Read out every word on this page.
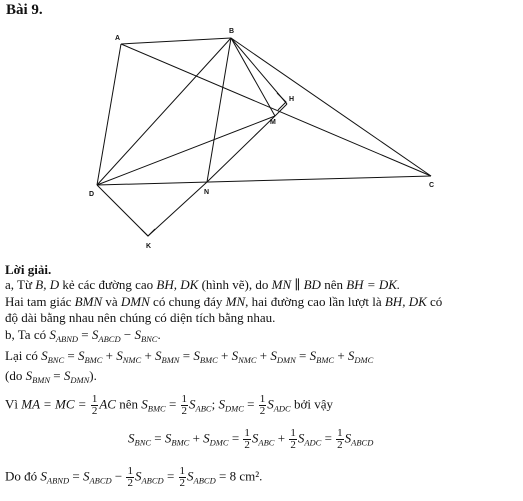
Bài 9.
A
B
H
M
D	N
C
K
Lời giải.
a, Từ B, D kẻ các đường cao BH, DK (hình vẽ), do MN ∥ BD nên BH = DK.
Hai tam giác BMN và DMN có chung đáy MN, hai đường cao lần lượt là BH, DK có
độ dài bằng nhau nên chúng có diện tích bằng nhau.
b, Ta có $S_{ABND} = S_{ABCD} - S_{BNC}$.
Lại có $S_{BNC} = S_{BMC} + S_{NMC} + S_{BMN} = S_{BMC} + S_{NMC} + S_{DMN} = S_{BMC} + S_{DMC}$
(do $S_{BMN} = S_{DMN}$).
Vì MA = MC = $\frac{1}{2}$ AC nên $S_{BMC} = \frac{1}{2} S_{ABC}$; $S_{DMC} = \frac{1}{2} S_{ADC}$ bởi vậy
$S_{BNC} = S_{BMC} + S_{DMC} = \frac{1}{2} S_{ABC} + \frac{1}{2} S_{ADC} = \frac{1}{2} S_{ABCD}$
Do đó $S_{ABND} = S_{ABCD} - \frac{1}{2} S_{ABCD} = \frac{1}{2} S_{ABCD} = 8$ cm².
